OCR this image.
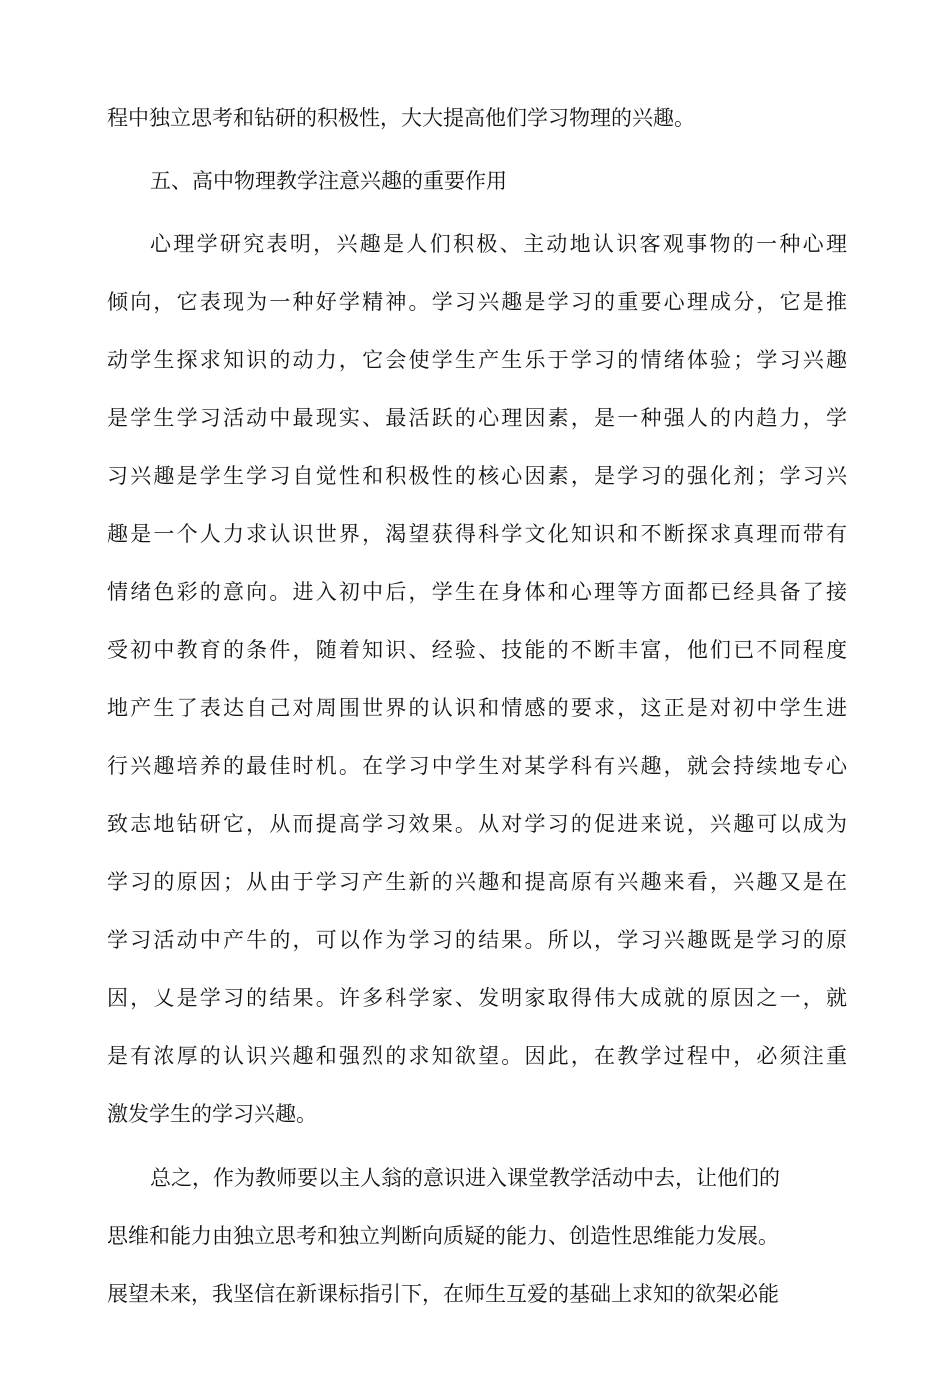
程中独立思考和钻研的积极性，大大提高他们学习物理的兴趣。
五、高中物理教学注意兴趣的重要作用
心理学研究表明，兴趣是人们积极、主动地认识客观事物的一种心理
倾向，它表现为一种好学精神。学习兴趣是学习的重要心理成分，它是推
动学生探求知识的动力，它会使学生产生乐于学习的情绪体验；学习兴趣
是学生学习活动中最现实、最活跃的心理因素，是一种强人的内趋力，学
习兴趣是学生学习自觉性和积极性的核心因素，是学习的强化剂；学习兴
趣是一个人力求认识世界，渴望获得科学文化知识和不断探求真理而带有
情绪色彩的意向。进入初中后，学生在身体和心理等方面都已经具备了接
受初中教育的条件，随着知识、经验、技能的不断丰富，他们已不同程度
地产生了表达自己对周围世界的认识和情感的要求，这正是对初中学生进
行兴趣培养的最佳时机。在学习中学生对某学科有兴趣，就会持续地专心
致志地钻研它，从而提高学习效果。从对学习的促进来说，兴趣可以成为
学习的原因；从由于学习产生新的兴趣和提高原有兴趣来看，兴趣又是在
学习活动中产牛的，可以作为学习的结果。所以，学习兴趣既是学习的原
因，乂是学习的结果。许多科学家、发明家取得伟大成就的原因之一，就
是有浓厚的认识兴趣和强烈的求知欲望。因此，在教学过程中，必须注重
激发学生的学习兴趣。
总之，作为教师要以主人翁的意识进入课堂教学活动中去，让他们的
思维和能力由独立思考和独立判断向质疑的能力、创造性思维能力发展。
展望未来，我坚信在新课标指引下，在师生互爱的基础上求知的欲架必能
